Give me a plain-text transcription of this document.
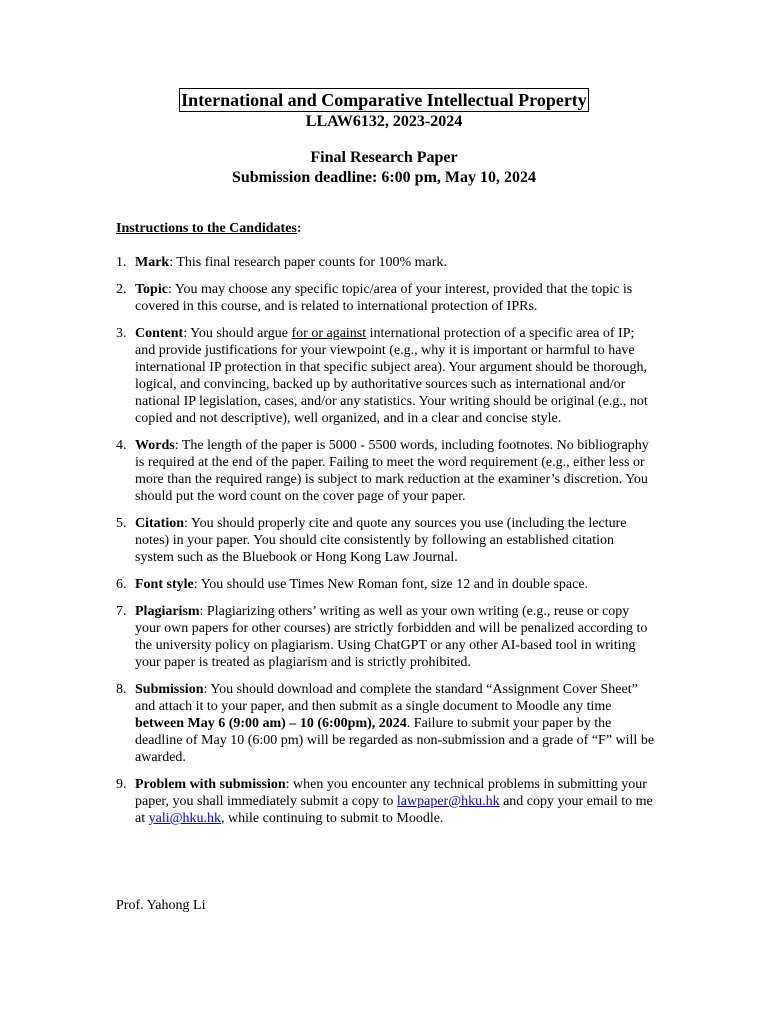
International and Comparative Intellectual Property

LLAW6132, 2023-2024

Final Research Paper

Submission deadline: 6:00 pm, May 10, 2024

Instructions to the Candidates:

1. Mark: This final research paper counts for 100% mark.
2. Topic: You may choose any specific topic/area of your interest, provided that the topic is covered in this course, and is related to international protection of IPRs.
3. Content: You should argue for or against international protection of a specific area of IP; and provide justifications for your viewpoint (e.g., why it is important or harmful to have international IP protection in that specific subject area). Your argument should be thorough, logical, and convincing, backed up by authoritative sources such as international and/or national IP legislation, cases, and/or any statistics. Your writing should be original (e.g., not copied and not descriptive), well organized, and in a clear and concise style.
4. Words: The length of the paper is 5000 - 5500 words, including footnotes. No bibliography is required at the end of the paper. Failing to meet the word requirement (e.g., either less or more than the required range) is subject to mark reduction at the examiner’s discretion. You should put the word count on the cover page of your paper.
5. Citation: You should properly cite and quote any sources you use (including the lecture notes) in your paper. You should cite consistently by following an established citation system such as the Bluebook or Hong Kong Law Journal.
6. Font style: You should use Times New Roman font, size 12 and in double space.
7. Plagiarism: Plagiarizing others’ writing as well as your own writing (e.g., reuse or copy your own papers for other courses) are strictly forbidden and will be penalized according to the university policy on plagiarism. Using ChatGPT or any other AI-based tool in writing your paper is treated as plagiarism and is strictly prohibited.
8. Submission: You should download and complete the standard “Assignment Cover Sheet” and attach it to your paper, and then submit as a single document to Moodle any time between May 6 (9:00 am) – 10 (6:00pm), 2024. Failure to submit your paper by the deadline of May 10 (6:00 pm) will be regarded as non-submission and a grade of “F” will be awarded.
9. Problem with submission: when you encounter any technical problems in submitting your paper, you shall immediately submit a copy to lawpaper@hku.hk and copy your email to me at yali@hku.hk, while continuing to submit to Moodle.

Prof. Yahong Li
